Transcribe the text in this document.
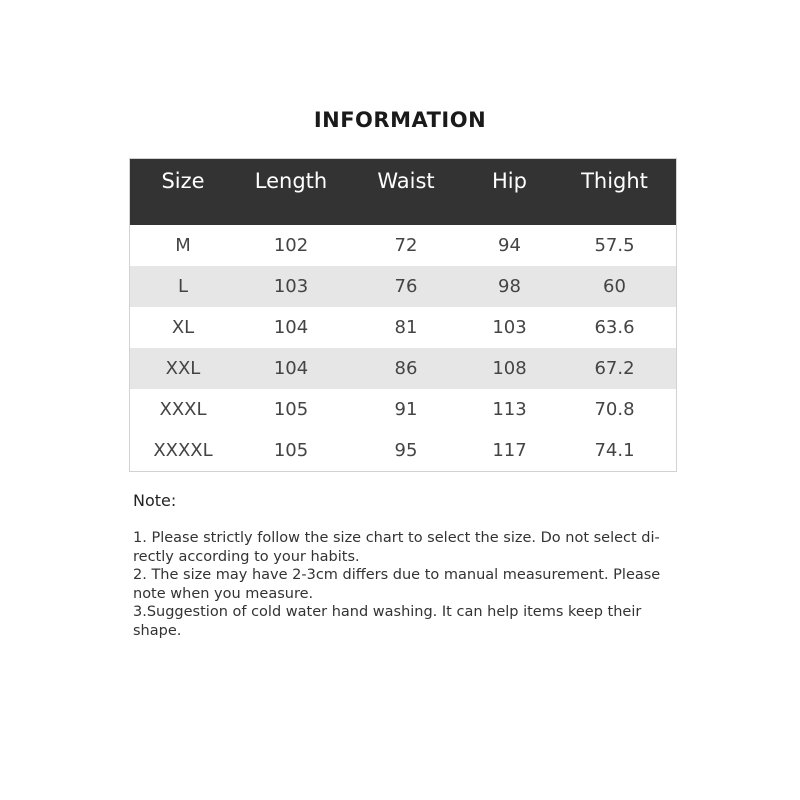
INFORMATION
Size	Length	Waist	Hip	Thight
M	102	72	94	57.5
L	103	76	98	60
XL	104	81	103	63.6
XXL	104	86	108	67.2
XXXL	105	91	113	70.8
XXXXL	105	95	117	74.1
Note:

1. Please strictly follow the size chart to select the size. Do not select di-

rectly according to your habits.

2. The size may have 2-3cm differs due to manual measurement. Please

note when you measure.

3.Suggestion of cold water hand washing. It can help items keep their

shape.
